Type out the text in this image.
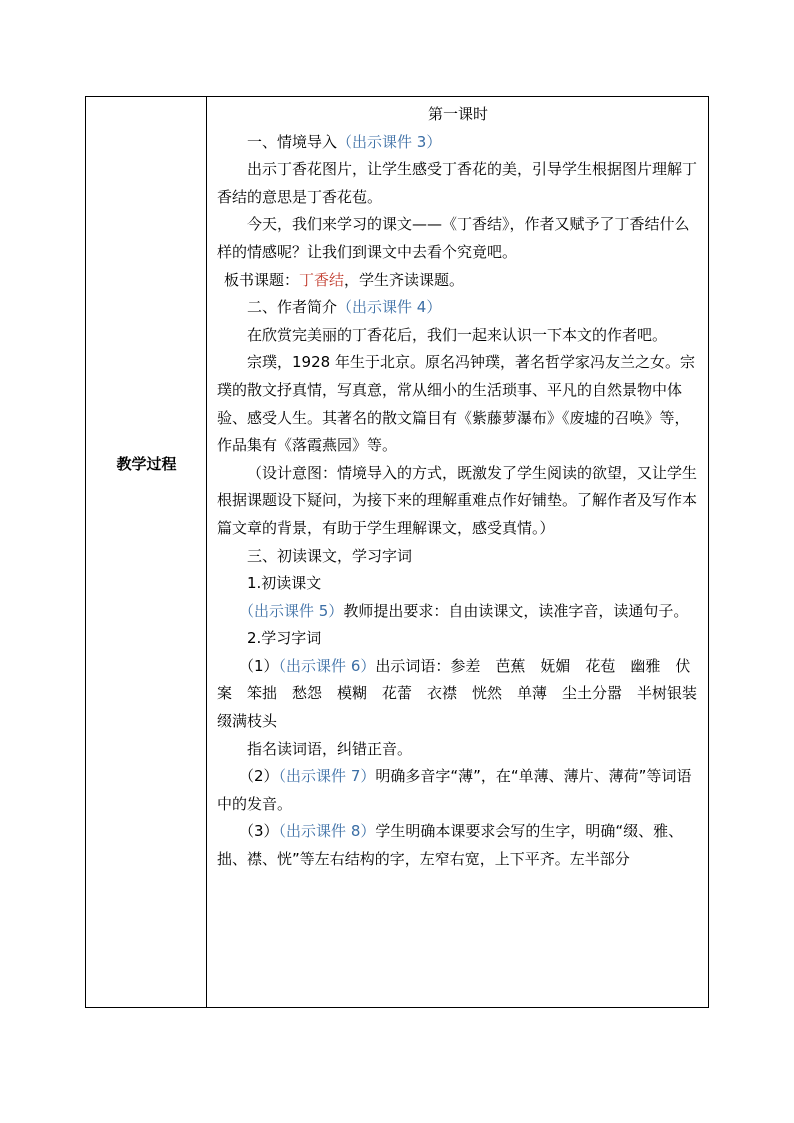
教学过程

第一课时

一、情境导入（出示课件 3）

出示丁香花图片，让学生感受丁香花的美，引导学生根据图片理解丁香结的意思是丁香花苞。

今天，我们来学习的课文——《丁香结》，作者又赋予了丁香结什么样的情感呢？让我们到课文中去看个究竟吧。

板书课题：丁香结，学生齐读课题。

二、作者简介（出示课件 4）

在欣赏完美丽的丁香花后，我们一起来认识一下本文的作者吧。

宗璞，1928 年生于北京。原名冯钟璞，著名哲学家冯友兰之女。宗璞的散文抒真情，写真意，常从细小的生活琐事、平凡的自然景物中体验、感受人生。其著名的散文篇目有《紫藤萝瀑布》《废墟的召唤》等，作品集有《落霞燕园》等。

（设计意图：情境导入的方式，既激发了学生阅读的欲望，又让学生根据课题设下疑问，为接下来的理解重难点作好铺垫。了解作者及写作本篇文章的背景，有助于学生理解课文，感受真情。）

三、初读课文，学习字词

1.初读课文

（出示课件 5）教师提出要求：自由读课文，读准字音，读通句子。

2.学习字词

（1）（出示课件 6）出示词语：参差　芭蕉　妩媚　花苞　幽雅　伏案　笨拙　愁怨　模糊　花蕾　衣襟　恍然　单薄　尘土分嚣　半树银装　缀满枝头

指名读词语，纠错正音。

（2）（出示课件 7）明确多音字“薄”，在“单薄、薄片、薄荷”等词语中的发音。

（3）（出示课件 8）学生明确本课要求会写的生字，明确“缀、雅、拙、襟、恍”等左右结构的字，左窄右宽，上下平齐。左半部分
